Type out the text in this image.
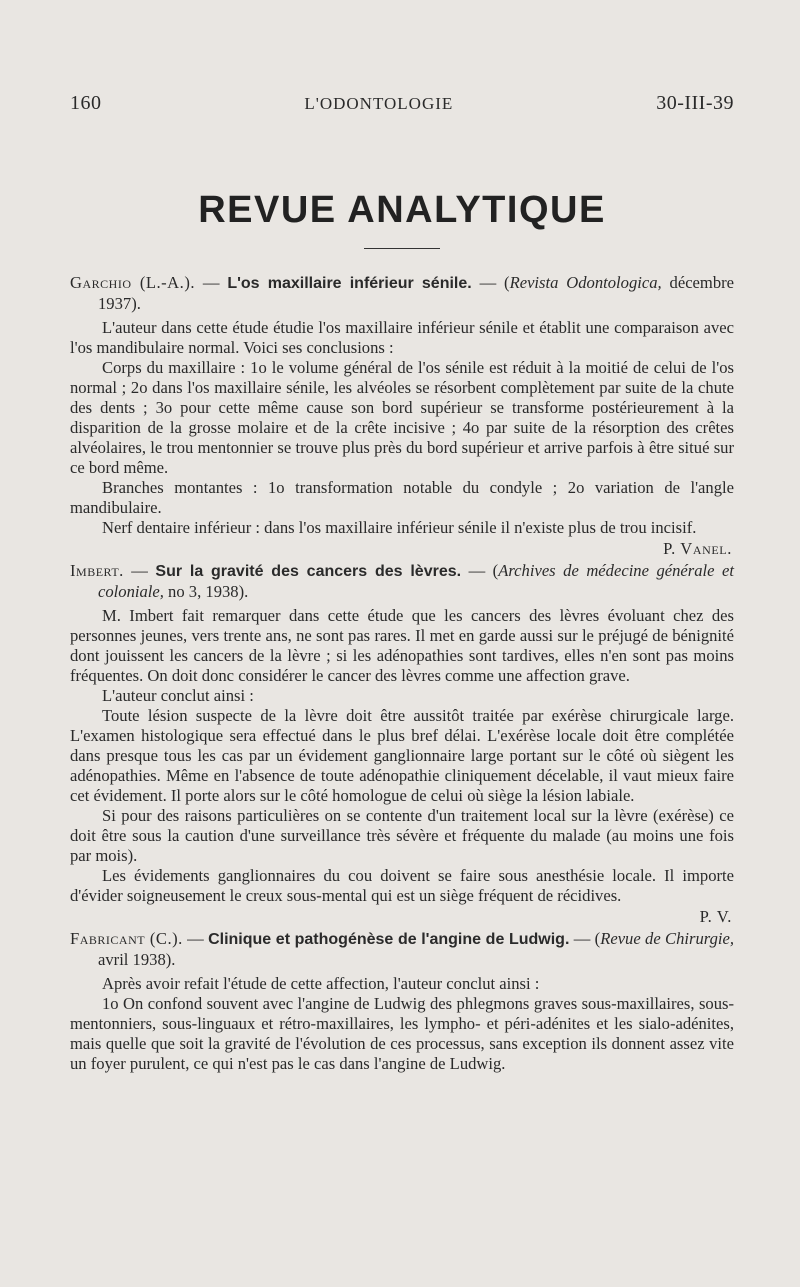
160	L'ODONTOLOGIE	30-III-39
REVUE ANALYTIQUE

Garchio (L.-A.). — L'os maxillaire inférieur sénile. — (Revista Odontologica, décembre 1937).

L'auteur dans cette étude étudie l'os maxillaire inférieur sénile et établit une comparaison avec l'os mandibulaire normal. Voici ses conclusions :

Corps du maxillaire : 1o le volume général de l'os sénile est réduit à la moitié de celui de l'os normal ; 2o dans l'os maxillaire sénile, les alvéoles se résorbent complètement par suite de la chute des dents ; 3o pour cette même cause son bord supérieur se transforme postérieurement à la disparition de la grosse molaire et de la crête incisive ; 4o par suite de la résorption des crêtes alvéolaires, le trou mentonnier se trouve plus près du bord supérieur et arrive parfois à être situé sur ce bord même.

Branches montantes : 1o transformation notable du condyle ; 2o variation de l'angle mandibulaire.

Nerf dentaire inférieur : dans l'os maxillaire inférieur sénile il n'existe plus de trou incisif.

P. Vanel.

Imbert. — Sur la gravité des cancers des lèvres. — (Archives de médecine générale et coloniale, no 3, 1938).

M. Imbert fait remarquer dans cette étude que les cancers des lèvres évoluant chez des personnes jeunes, vers trente ans, ne sont pas rares. Il met en garde aussi sur le préjugé de bénignité dont jouissent les cancers de la lèvre ; si les adénopathies sont tardives, elles n'en sont pas moins fréquentes. On doit donc considérer le cancer des lèvres comme une affection grave.

L'auteur conclut ainsi :

Toute lésion suspecte de la lèvre doit être aussitôt traitée par exérèse chirurgicale large. L'examen histologique sera effectué dans le plus bref délai. L'exérèse locale doit être complétée dans presque tous les cas par un évidement ganglionnaire large portant sur le côté où siègent les adénopathies. Même en l'absence de toute adénopathie cliniquement décelable, il vaut mieux faire cet évidement. Il porte alors sur le côté homologue de celui où siège la lésion labiale.

Si pour des raisons particulières on se contente d'un traitement local sur la lèvre (exérèse) ce doit être sous la caution d'une surveillance très sévère et fréquente du malade (au moins une fois par mois).

Les évidements ganglionnaires du cou doivent se faire sous anesthésie locale. Il importe d'évider soigneusement le creux sous-mental qui est un siège fréquent de récidives.

P. V.

Fabricant (C.). — Clinique et pathogénèse de l'angine de Ludwig. — (Revue de Chirurgie, avril 1938).

Après avoir refait l'étude de cette affection, l'auteur conclut ainsi :

1o On confond souvent avec l'angine de Ludwig des phlegmons graves sous-maxillaires, sous-mentonniers, sous-linguaux et rétro-maxillaires, les lympho- et péri-adénites et les sialo-adénites, mais quelle que soit la gravité de l'évolution de ces processus, sans exception ils donnent assez vite un foyer purulent, ce qui n'est pas le cas dans l'angine de Ludwig.
